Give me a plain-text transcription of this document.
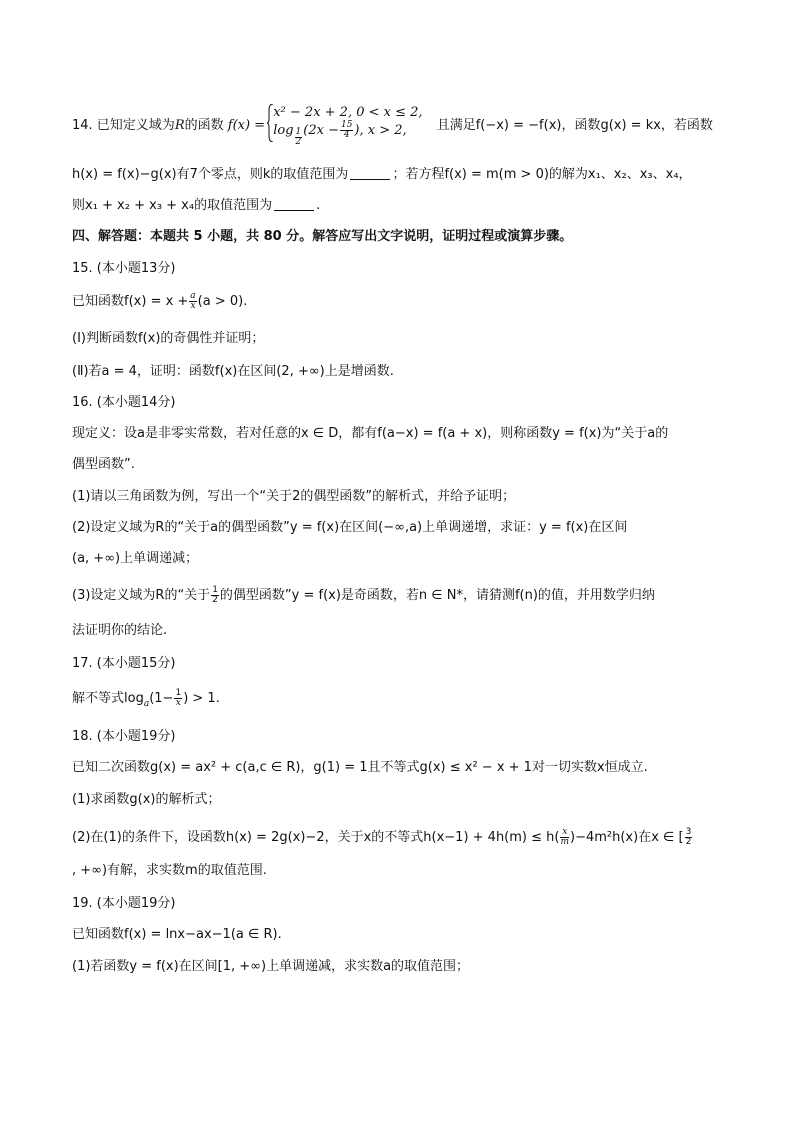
14. 已知定义域为R的函数 f(x) =
x² − 2x + 2, 0 < x ≤ 2,
$\log \frac{1}{2} (2x - \frac{15}{4}$ ), x > 2,	且满足f(−x) = −f(x)，函数g(x) = kx，若函数
h(x) = f(x)−g(x)有7个零点，则k的取值范围为	；若方程f(x) = m(m > 0)的解为x₁、x₂、x₃、x₄，
则x₁ + x₂ + x₃ + x₄的取值范围为	.
四、解答题：本题共 5 小题，共 80 分。解答应写出文字说明，证明过程或演算步骤。
15. (本小题13分)
已知函数$f(x) = x + \frac{a}{x} (a > 0)$.
(Ⅰ)判断函数f(x)的奇偶性并证明；
(Ⅱ)若a = 4，证明：函数f(x)在区间(2, +∞)上是增函数.
16. (本小题14分)
现定义：设a是非零实常数，若对任意的x ∈ D，都有f(a−x) = f(a + x)，则称函数y = f(x)为“关于a的
偶型函数”.
(1)请以三角函数为例，写出一个“关于2的偶型函数”的解析式，并给予证明；
(2)设定义域为R的“关于a的偶型函数”y = f(x)在区间(−∞,a)上单调递增，求证：y = f(x)在区间
(a, +∞)上单调递减；
(3)设定义域为R的“关于 $\frac{1}{2}$ 的偶型函数”y = f(x)是奇函数，若n ∈ N*，请猜测f(n)的值，并用数学归纳
法证明你的结论.
17. (本小题15分)
解不等式$\log_a(1- \frac{1}{x}$ ) > 1.
18. (本小题19分)
已知二次函数g(x) = ax² + c(a,c ∈ R)，g(1) = 1且不等式g(x) ≤ x² − x + 1对一切实数x恒成立.
(1)求函数g(x)的解析式；
(2)在(1)的条件下，设函数h(x) = 2g(x)−2，关于x的不等式$h(x-1) + 4h(m) \le h( \frac{x}{m} )-4m^2h(x)$在x ∈ [ $\frac{3}{2}$
, +∞)有解，求实数m的取值范围.
19. (本小题19分)
已知函数f(x) = lnx−ax−1(a ∈ R).
(1)若函数y = f(x)在区间[1, +∞)上单调递减，求实数a的取值范围；
